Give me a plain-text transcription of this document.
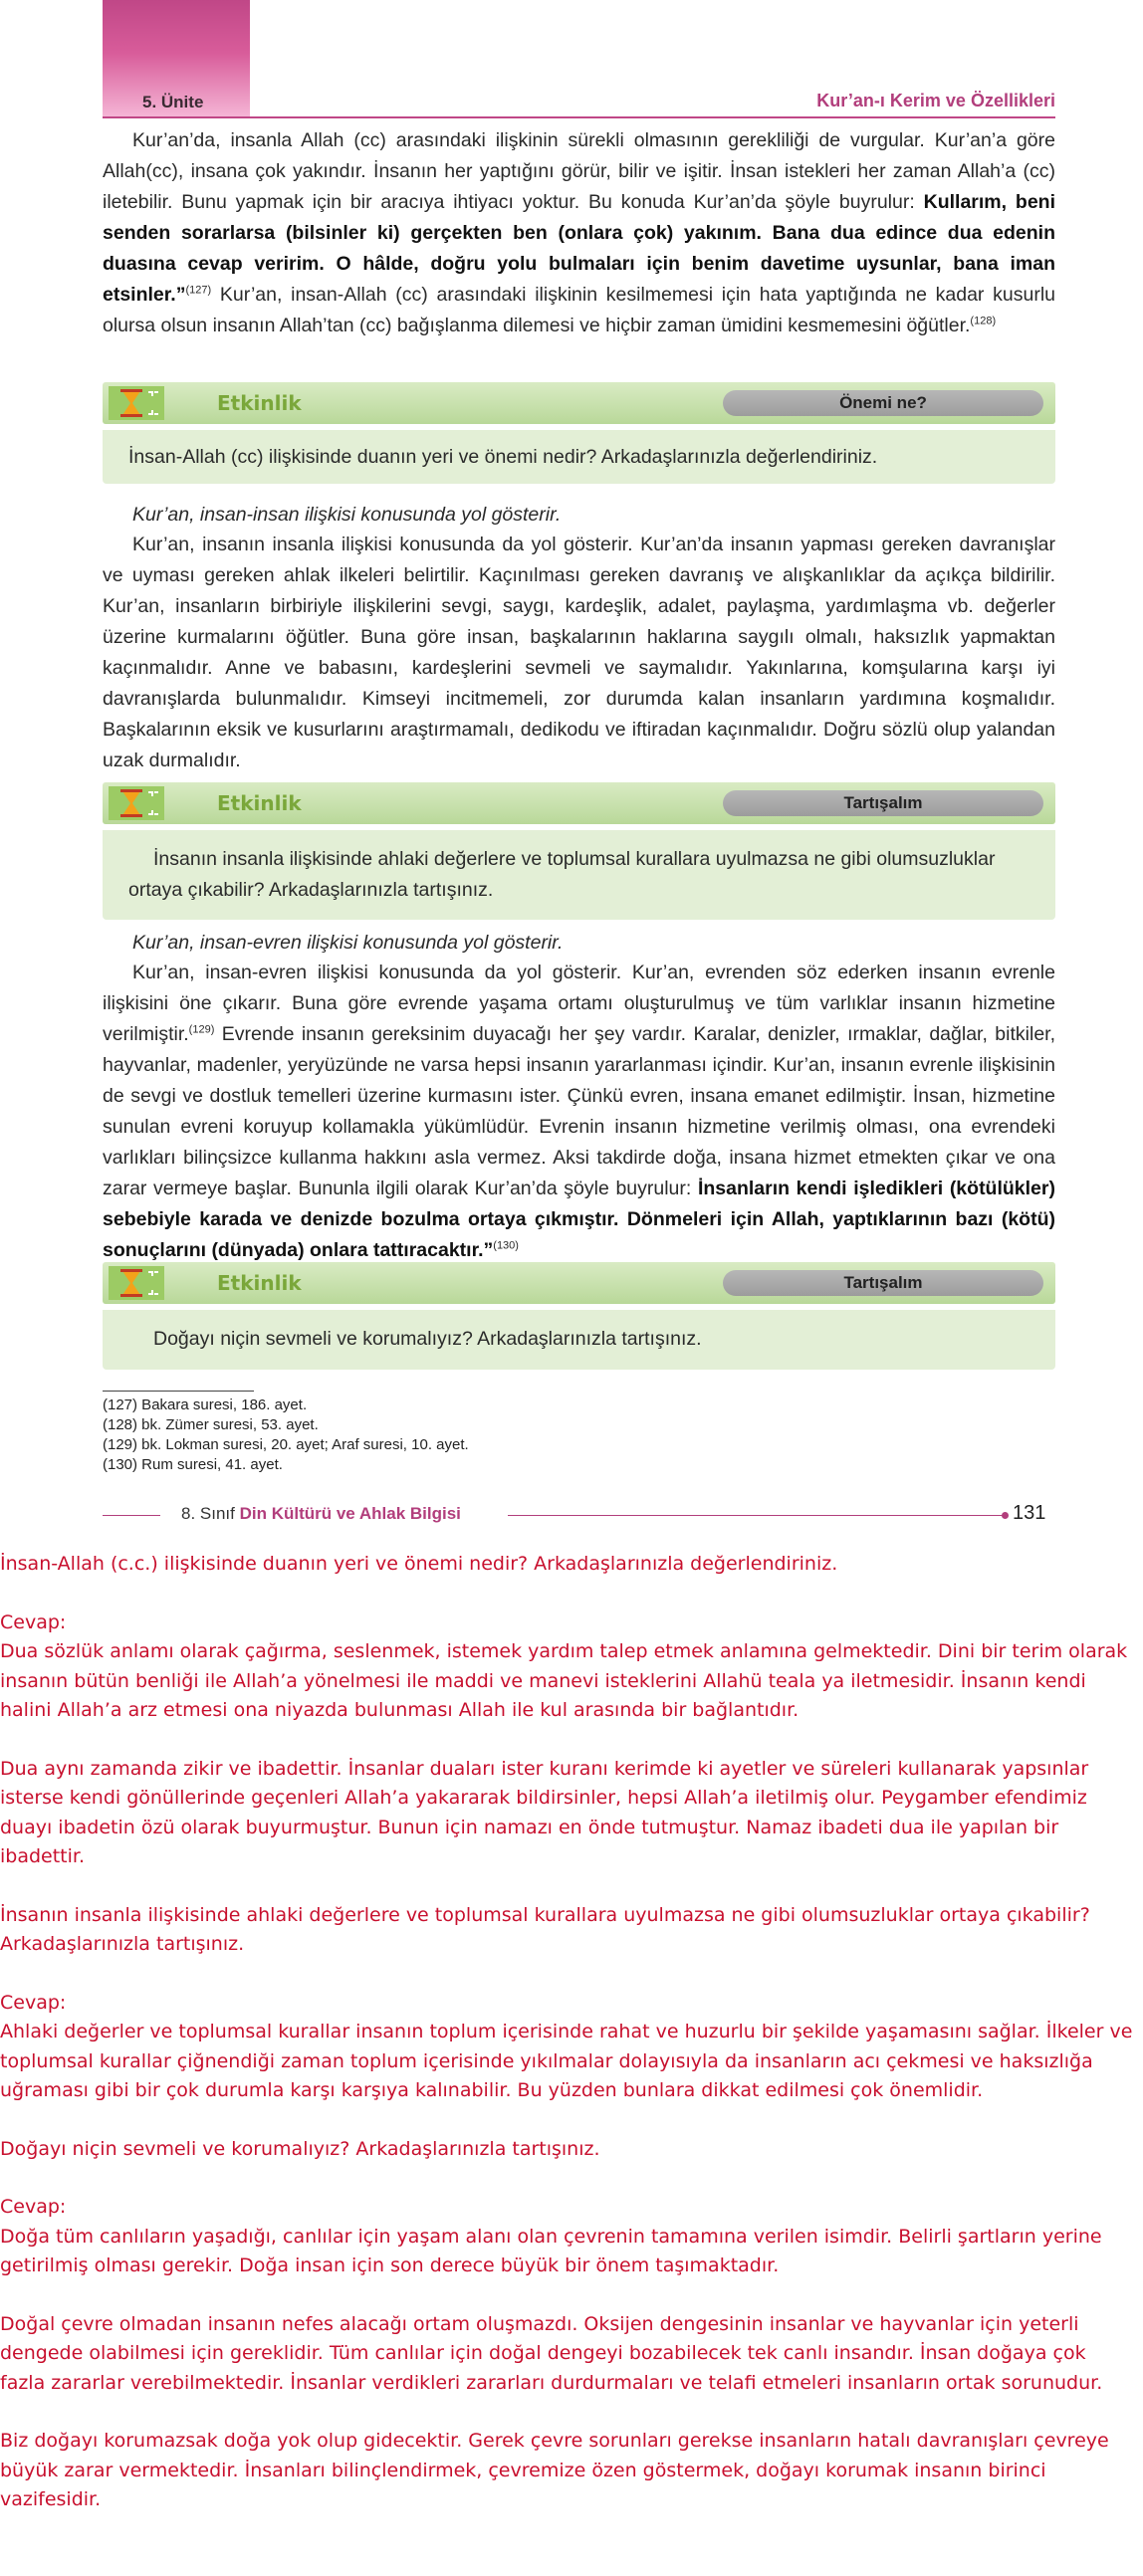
5. Ünite	Kur’an-ı Kerim ve Özellikleri
Kur’an’da, insanla Allah (cc) arasındaki ilişkinin sürekli olmasının gerekliliği de vurgular. Kur’an’a göre Allah(cc), insana çok yakındır. İnsanın her yaptığını görür, bilir ve işitir. İnsan istekleri her zaman Allah’a (cc) iletebilir. Bunu yapmak için bir aracıya ihtiyacı yoktur. Bu konuda Kur’an’da şöyle buyrulur: Kullarım, beni senden sorarlarsa (bilsinler ki) gerçekten ben (onlara çok) yakınım. Bana dua edince dua edenin duasına cevap veririm. O hâlde, doğru yolu bulmaları için benim davetime uysunlar, bana iman etsinler.”$^{(127)}$ Kur’an, insan-Allah (cc) arasındaki ilişkinin kesilmemesi için hata yaptığında ne kadar kusurlu olursa olsun insanın Allah’tan (cc) bağışlanma dilemesi ve hiçbir zaman ümidini kesmemesini öğütler.$^{(128)}$
Etkinlik	Önemi ne?
İnsan-Allah (cc) ilişkisinde duanın yeri ve önemi nedir? Arkadaşlarınızla değerlendiriniz.
Kur’an, insan-insan ilişkisi konusunda yol gösterir.
Kur’an, insanın insanla ilişkisi konusunda da yol gösterir. Kur’an’da insanın yapması gereken davranışlar ve uyması gereken ahlak ilkeleri belirtilir. Kaçınılması gereken davranış ve alışkanlıklar da açıkça bildirilir. Kur’an, insanların birbiriyle ilişkilerini sevgi, saygı, kardeşlik, adalet, paylaşma, yardımlaşma vb. değerler üzerine kurmalarını öğütler. Buna göre insan, başkalarının haklarına saygılı olmalı, haksızlık yapmaktan kaçınmalıdır. Anne ve babasını, kardeşlerini sevmeli ve saymalıdır. Yakınlarına, komşularına karşı iyi davranışlarda bulunmalıdır. Kimseyi incitmemeli, zor durumda kalan insanların yardımına koşmalıdır. Başkalarının eksik ve kusurlarını araştırmamalı, dedikodu ve iftiradan kaçınmalıdır. Doğru sözlü olup yalandan uzak durmalıdır.
Etkinlik	Tartışalım
İnsanın insanla ilişkisinde ahlaki değerlere ve toplumsal kurallara uyulmazsa ne gibi olumsuzluklar ortaya çıkabilir? Arkadaşlarınızla tartışınız.
Kur’an, insan-evren ilişkisi konusunda yol gösterir.
Kur’an, insan-evren ilişkisi konusunda da yol gösterir. Kur’an, evrenden söz ederken insanın evrenle ilişkisini öne çıkarır. Buna göre evrende yaşama ortamı oluşturulmuş ve tüm varlıklar insanın hizmetine verilmiştir.$^{(129)}$ Evrende insanın gereksinim duyacağı her şey vardır. Karalar, denizler, ırmaklar, dağlar, bitkiler, hayvanlar, madenler, yeryüzünde ne varsa hepsi insanın yararlanması içindir. Kur’an, insanın evrenle ilişkisinin de sevgi ve dostluk temelleri üzerine kurmasını ister. Çünkü evren, insana emanet edilmiştir. İnsan, hizmetine sunulan evreni koruyup kollamakla yükümlüdür. Evrenin insanın hizmetine verilmiş olması, ona evrendeki varlıkları bilinçsizce kullanma hakkını asla vermez. Aksi takdirde doğa, insana hizmet etmekten çıkar ve ona zarar vermeye başlar. Bununla ilgili olarak Kur’an’da şöyle buyrulur: İnsanların kendi işledikleri (kötülükler) sebebiyle karada ve denizde bozulma ortaya çıkmıştır. Dönmeleri için Allah, yaptıklarının bazı (kötü) sonuçlarını (dünyada) onlara tattıracaktır.”$^{(130)}$
Etkinlik	Tartışalım
Doğayı niçin sevmeli ve korumalıyız? Arkadaşlarınızla tartışınız.
(127) Bakara suresi, 186. ayet.
(128) bk. Zümer suresi, 53. ayet.
(129) bk. Lokman suresi, 20. ayet; Araf suresi, 10. ayet.
(130) Rum suresi, 41. ayet.
8. Sınıf Din Kültürü ve Ahlak Bilgisi	131

İnsan-Allah (c.c.) ilişkisinde duanın yeri ve önemi nedir? Arkadaşlarınızla değerlendiriniz.

Cevap:
Dua sözlük anlamı olarak çağırma, seslenmek, istemek yardım talep etmek anlamına gelmektedir. Dini bir terim olarak insanın bütün benliği ile Allah’a yönelmesi ile maddi ve manevi isteklerini Allahü teala ya iletmesidir. İnsanın kendi halini Allah’a arz etmesi ona niyazda bulunması Allah ile kul arasında bir bağlantıdır.

Dua aynı zamanda zikir ve ibadettir. İnsanlar duaları ister kuranı kerimde ki ayetler ve süreleri kullanarak yapsınlar isterse kendi gönüllerinde geçenleri Allah’a yakararak bildirsinler, hepsi Allah’a iletilmiş olur. Peygamber efendimiz duayı ibadetin özü olarak buyurmuştur. Bunun için namazı en önde tutmuştur. Namaz ibadeti dua ile yapılan bir ibadettir.

İnsanın insanla ilişkisinde ahlaki değerlere ve toplumsal kurallara uyulmazsa ne gibi olumsuzluklar ortaya çıkabilir? Arkadaşlarınızla tartışınız.

Cevap:
Ahlaki değerler ve toplumsal kurallar insanın toplum içerisinde rahat ve huzurlu bir şekilde yaşamasını sağlar. İlkeler ve toplumsal kurallar çiğnendiği zaman toplum içerisinde yıkılmalar dolayısıyla da insanların acı çekmesi ve haksızlığa uğraması gibi bir çok durumla karşı karşıya kalınabilir. Bu yüzden bunlara dikkat edilmesi çok önemlidir.

Doğayı niçin sevmeli ve korumalıyız? Arkadaşlarınızla tartışınız.

Cevap:
Doğa tüm canlıların yaşadığı, canlılar için yaşam alanı olan çevrenin tamamına verilen isimdir. Belirli şartların yerine getirilmiş olması gerekir. Doğa insan için son derece büyük bir önem taşımaktadır.

Doğal çevre olmadan insanın nefes alacağı ortam oluşmazdı. Oksijen dengesinin insanlar ve hayvanlar için yeterli dengede olabilmesi için gereklidir. Tüm canlılar için doğal dengeyi bozabilecek tek canlı insandır. İnsan doğaya çok fazla zararlar verebilmektedir. İnsanlar verdikleri zararları durdurmaları ve telafi etmeleri insanların ortak sorunudur.

Biz doğayı korumazsak doğa yok olup gidecektir. Gerek çevre sorunları gerekse insanların hatalı davranışları çevreye büyük zarar vermektedir. İnsanları bilinçlendirmek, çevremize özen göstermek, doğayı korumak insanın birinci vazifesidir.
